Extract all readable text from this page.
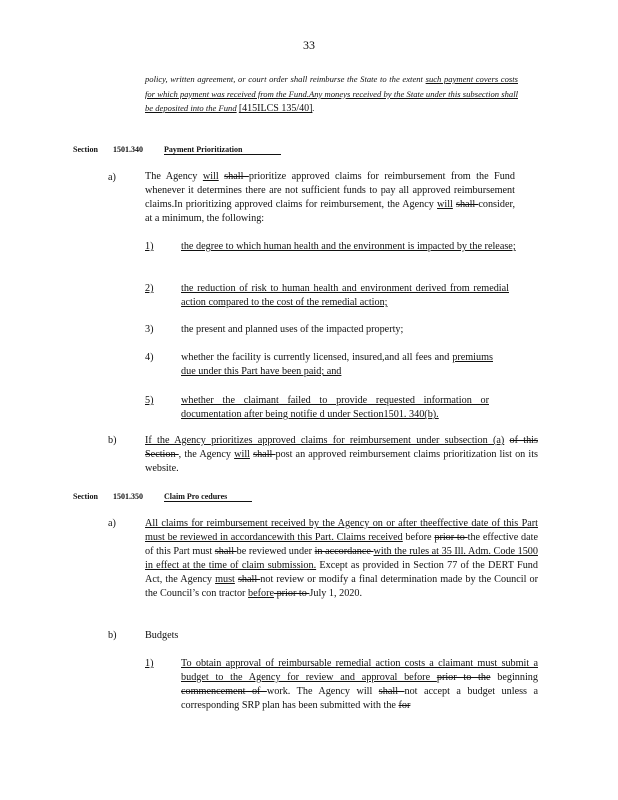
33
policy, written agreement, or court order shall reimburse the State to the extent such payment covers costs for which payment was received from the Fund.Any moneys received by the State under this subsection shall be deposited into the Fund [415ILCS 135/40].
Section 1501.340	Payment Prioritization
a)	The Agency will shall prioritize approved claims for reimbursement from the Fund whenever it determines there are not sufficient funds to pay all approved reimbursement claims.In prioritizing approved claims for reimbursement, the Agency will shall consider, at a minimum, the following:
1)	the degree to which human health and the environment is impacted by the release;
2)	the reduction of risk to human health and environment derived from remedial action compared to the cost of the remedial action;
3)	the present and planned uses of the impacted property;
4)	whether the facility is currently licensed, insured,and all fees and premiums due under this Part have been paid; and
5)	whether the claimant failed to provide requested information or documentation after being notifie d under Section1501. 340(b).
b)	If the Agency prioritizes approved claims for reimbursement under subsection (a) of this Section , the Agency will shall post an approved reimbursement claims prioritization list on its website.
Section 1501.350	Claim Pro cedures
a)	All claims for reimbursement received by the Agency on or after theeffective date of this Part must be reviewed in accordancewith this Part. Claims received before prior to the effective date of this Part must shall be reviewed under in accordance with the rules at 35 Ill. Adm. Code 1500 in effect at the time of claim submission. Except as provided in Section 77 of the DERT Fund Act, the Agency must shall not review or modify a final determination made by the Council or the Council’s con tractor before prior to July 1, 2020.
b)	Budgets
1)	To obtain approval of reimbursable remedial action costs a claimant must submit a budget to the Agency for review and approval before prior to the beginning commencement of work. The Agency will shall not accept a budget unless a corresponding SRP plan has been submitted with the for
